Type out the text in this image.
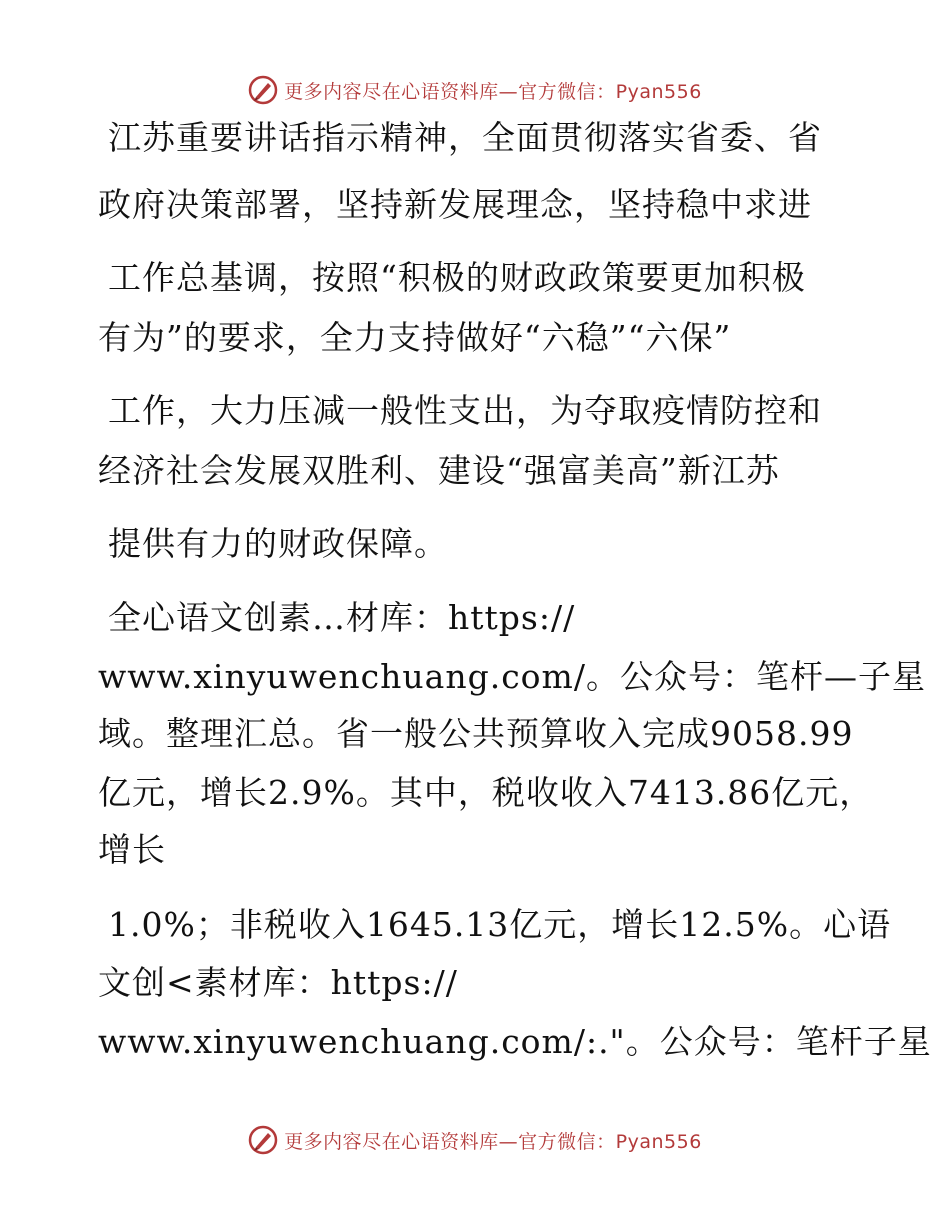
更多内容尽在心语资料库—官方微信：Pyan556
江苏重要讲话指示精神，全面贯彻落实省委、省
政府决策部署，坚持新发展理念，坚持稳中求进
工作总基调，按照“积极的财政政策要更加积极
有为”的要求，全力支持做好“六稳”“六保”
工作，大力压减一般性支出，为夺取疫情防控和
经济社会发展双胜利、建设“强富美高”新江苏
提供有力的财政保障。
全心语文创素…材库：https://
www.xinyuwenchuang.com/。公众号：笔杆—子星
域。整理汇总。省一般公共预算收入完成9058.99
亿元，增长2.9%。其中，税收收入7413.86亿元，
增长
1.0%；非税收入1645.13亿元，增长12.5%。心语
文创<素材库：https://
www.xinyuwenchuang.com/:."。公众号：笔杆子星
更多内容尽在心语资料库—官方微信：Pyan556
